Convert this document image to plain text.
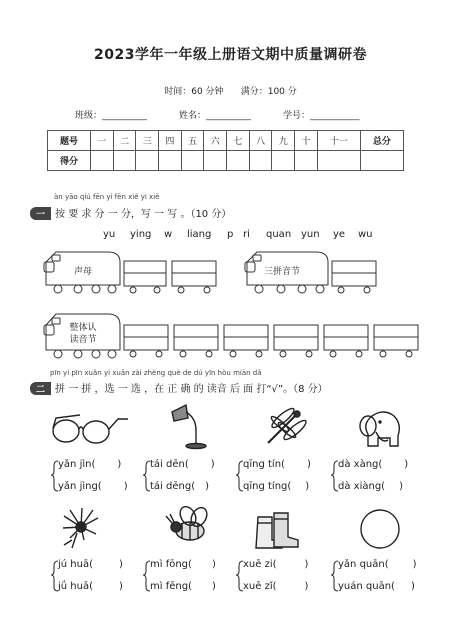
2023学年一年级上册语文期中质量调研卷
时间：60 分钟 满分：100 分
班级：__________	姓名：__________	学号：___________
题号	一	二	三	四	五	六	七	八	九	十	十一	总分
得分												
àn yāo qiú fēn yi fēn xiě yi xiě
一 按 要 求 分 一 分，写 一 写 。（10 分）
yu ying w liang p ri quan yun ye wu
声母	三拼音节
整体认读音节
pīn yi pīn xuǎn yi xuǎn zài zhèng què de dú yīn hòu miàn dǎ
二 拼 一 拼 ，选 一 选 ，在 正 确 的 读音 后 面 打“√”。（8 分）
yǎn jìn( )
yǎn jìng( )
tái dēn( )
tái dēng( )
qīng tín( )
qīng tíng( )
dà xàng( )
dà xiàng( )
jú huā(	)
jǘ huā(	)
mì fōng( )
mì fēng( )
xuē zi(	)
xuē zǐ(	)
yǎn quān( )
yuán quān( )
